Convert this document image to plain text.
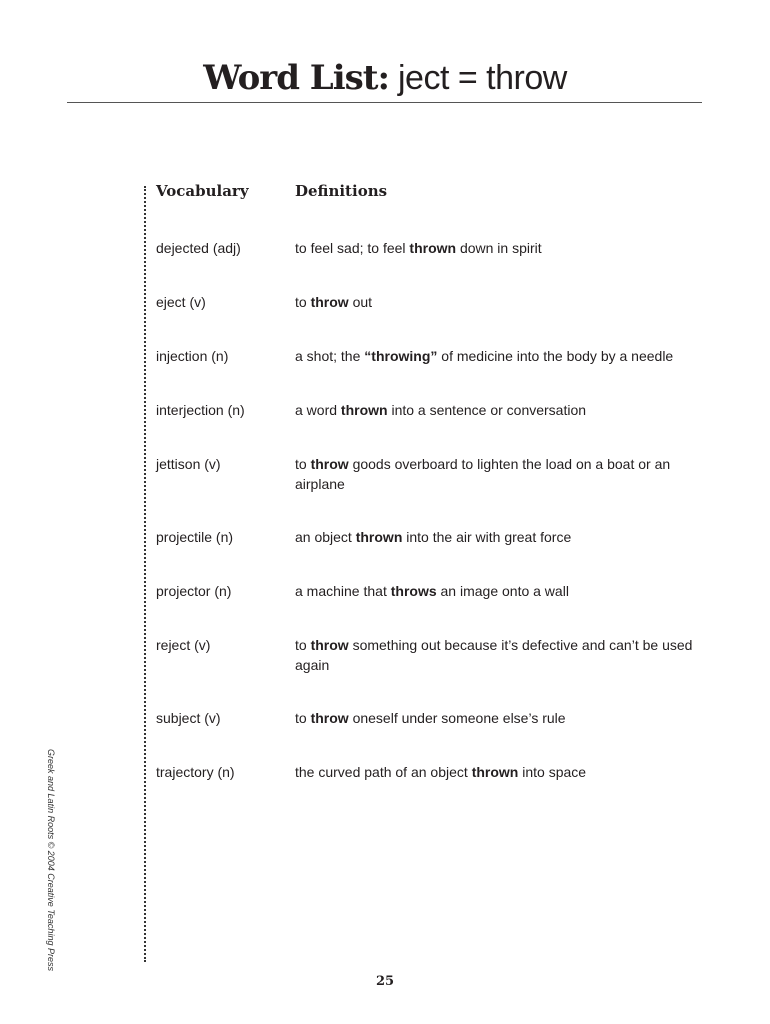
Word List: ject = throw
Greek and Latin Roots © 2004 Creative Teaching Press
Vocabulary	Definitions
dejected (adj)	to feel sad; to feel thrown down in spirit
eject (v)	to throw out
injection (n)	a shot; the “throwing” of medicine into the body by a needle
interjection (n)	a word thrown into a sentence or conversation
jettison (v)	to throw goods overboard to lighten the load on a boat or an airplane
projectile (n)	an object thrown into the air with great force
projector (n)	a machine that throws an image onto a wall
reject (v)	to throw something out because it’s defective and can’t be used again
subject (v)	to throw oneself under someone else’s rule
trajectory (n)	the curved path of an object thrown into space
25
